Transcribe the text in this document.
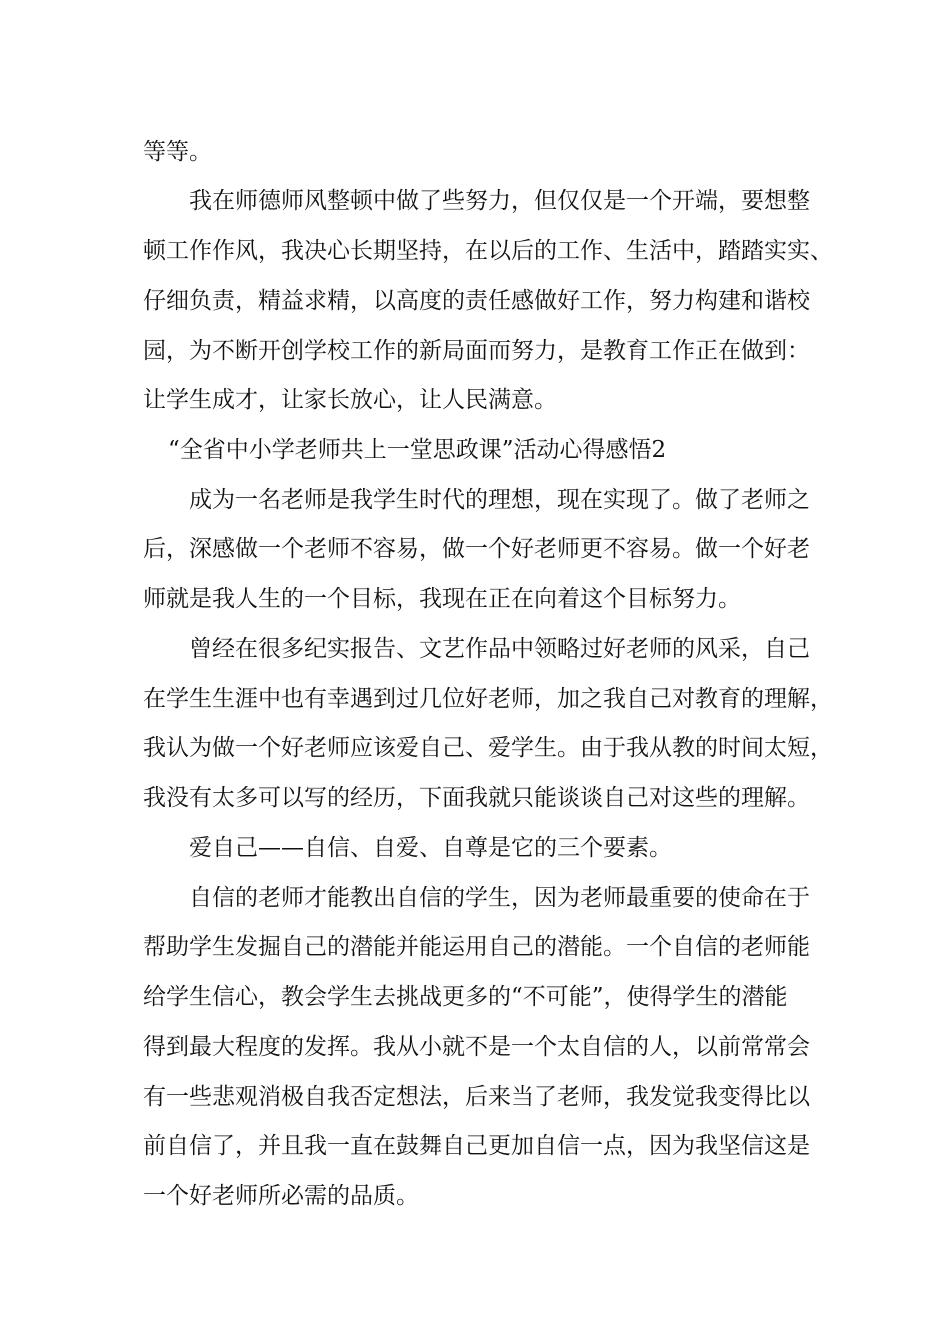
等等。
我在师德师风整顿中做了些努力，但仅仅是一个开端，要想整
顿工作作风，我决心长期坚持，在以后的工作、生活中，踏踏实实、
仔细负责，精益求精，以高度的责任感做好工作，努力构建和谐校
园，为不断开创学校工作的新局面而努力，是教育工作正在做到：
让学生成才，让家长放心，让人民满意。
“全省中小学老师共上一堂思政课”活动心得感悟2
成为一名老师是我学生时代的理想，现在实现了。做了老师之
后，深感做一个老师不容易，做一个好老师更不容易。做一个好老
师就是我人生的一个目标，我现在正在向着这个目标努力。
曾经在很多纪实报告、文艺作品中领略过好老师的风采，自己
在学生生涯中也有幸遇到过几位好老师，加之我自己对教育的理解，
我认为做一个好老师应该爱自己、爱学生。由于我从教的时间太短，
我没有太多可以写的经历，下面我就只能谈谈自己对这些的理解。
爱自己——自信、自爱、自尊是它的三个要素。
自信的老师才能教出自信的学生，因为老师最重要的使命在于
帮助学生发掘自己的潜能并能运用自己的潜能。一个自信的老师能
给学生信心，教会学生去挑战更多的“不可能”，使得学生的潜能
得到最大程度的发挥。我从小就不是一个太自信的人，以前常常会
有一些悲观消极自我否定想法，后来当了老师，我发觉我变得比以
前自信了，并且我一直在鼓舞自己更加自信一点，因为我坚信这是
一个好老师所必需的品质。
